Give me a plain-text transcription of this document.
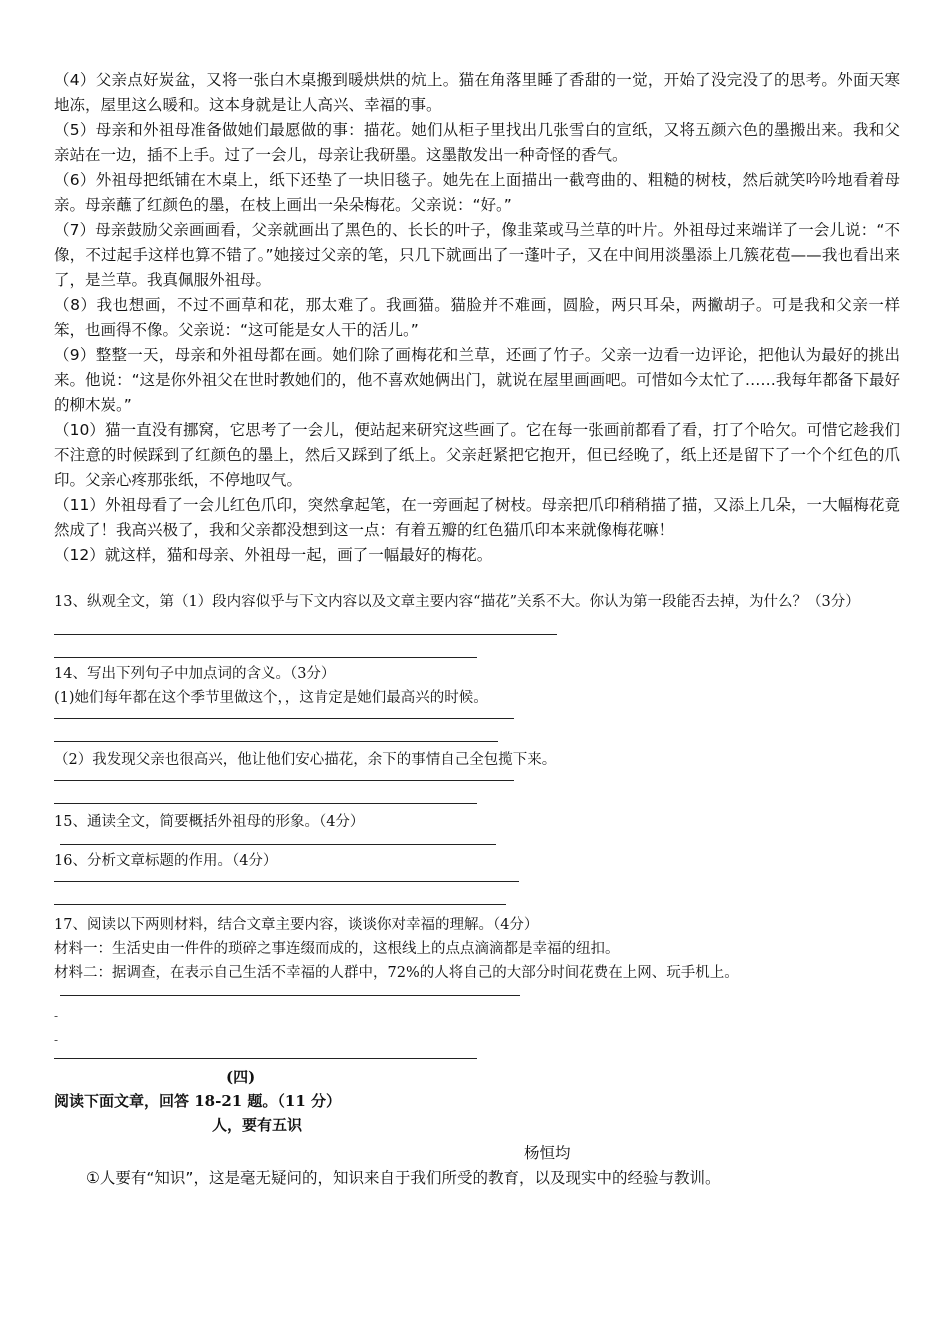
（4）父亲点好炭盆，又将一张白木桌搬到暖烘烘的炕上。猫在角落里睡了香甜的一觉，开始了没完没了的思考。外面天寒地冻，屋里这么暖和。这本身就是让人高兴、幸福的事。

（5）母亲和外祖母准备做她们最愿做的事：描花。她们从柜子里找出几张雪白的宣纸，又将五颜六色的墨搬出来。我和父亲站在一边，插不上手。过了一会儿，母亲让我研墨。这墨散发出一种奇怪的香气。

（6）外祖母把纸铺在木桌上，纸下还垫了一块旧毯子。她先在上面描出一截弯曲的、粗糙的树枝，然后就笑吟吟地看着母亲。母亲蘸了红颜色的墨，在枝上画出一朵朵梅花。父亲说：“好。”

（7）母亲鼓励父亲画画看，父亲就画出了黑色的、长长的叶子，像韭菜或马兰草的叶片。外祖母过来端详了一会儿说：“不像，不过起手这样也算不错了。”她接过父亲的笔，只几下就画出了一蓬叶子，又在中间用淡墨添上几簇花苞——我也看出来了，是兰草。我真佩服外祖母。

（8）我也想画，不过不画草和花，那太难了。我画猫。猫脸并不难画，圆脸，两只耳朵，两撇胡子。可是我和父亲一样笨，也画得不像。父亲说：“这可能是女人干的活儿。”

（9）整整一天，母亲和外祖母都在画。她们除了画梅花和兰草，还画了竹子。父亲一边看一边评论，把他认为最好的挑出来。他说：“这是你外祖父在世时教她们的，他不喜欢她俩出门，就说在屋里画画吧。可惜如今太忙了……我每年都备下最好的柳木炭。”

（10）猫一直没有挪窝，它思考了一会儿，便站起来研究这些画了。它在每一张画前都看了看，打了个哈欠。可惜它趁我们不注意的时候踩到了红颜色的墨上，然后又踩到了纸上。父亲赶紧把它抱开，但已经晚了，纸上还是留下了一个个红色的爪印。父亲心疼那张纸，不停地叹气。

（11）外祖母看了一会儿红色爪印，突然拿起笔，在一旁画起了树枝。母亲把爪印稍稍描了描，又添上几朵，一大幅梅花竟然成了！我高兴极了，我和父亲都没想到这一点：有着五瓣的红色猫爪印本来就像梅花嘛！

（12）就这样，猫和母亲、外祖母一起，画了一幅最好的梅花。

13、纵观全文，第（1）段内容似乎与下文内容以及文章主要内容“描花”关系不大。你认为第一段能否去掉，为什么？（3分）

14、写出下列句子中加点词的含义。（3分）

(1)她们每年都在这个季节里做这个，，这肯定是她们最高兴的时候。

（2）我发现父亲也很高兴，他让他们安心描花，余下的事情自己全包揽下来。

15、通读全文，简要概括外祖母的形象。（4分）

16、分析文章标题的作用。（4分）

17、阅读以下两则材料，结合文章主要内容，谈谈你对幸福的理解。（4分）

材料一：生活史由一件件的琐碎之事连缀而成的，这根线上的点点滴滴都是幸福的纽扣。

材料二：据调查，在表示自己生活不幸福的人群中，72%的人将自己的大部分时间花费在上网、玩手机上。

-
-

(四)

阅读下面文章，回答 18-21 题。（11 分）

人，要有五识

杨恒均

①人要有“知识”，这是毫无疑问的，知识来自于我们所受的教育，以及现实中的经验与教训。
